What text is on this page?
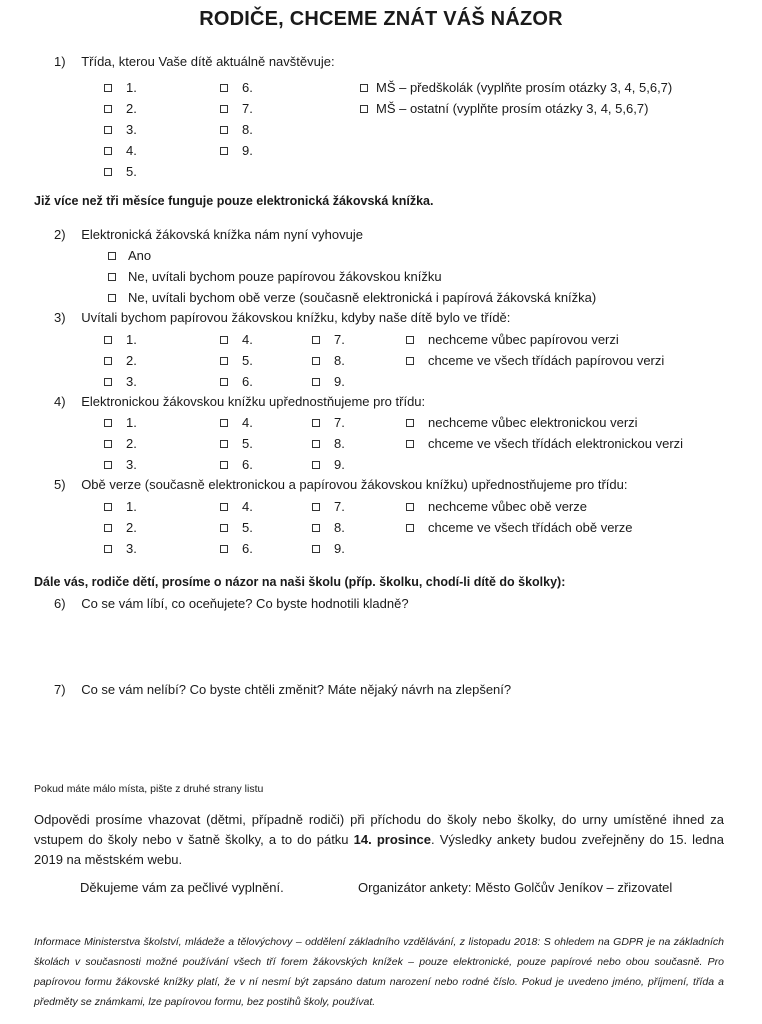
RODIČE, CHCEME ZNÁT VÁŠ NÁZOR
1) Třída, kterou Vaše dítě aktuálně navštěvuje:
1.
2.
3.
4.
5.
6.
7.
8.
9.
MŠ – předškolák (vyplňte prosím otázky 3, 4, 5,6,7)
MŠ – ostatní (vyplňte prosím otázky 3, 4, 5,6,7)
Již více než tři měsíce funguje pouze elektronická žákovská knížka.
2) Elektronická žákovská knížka nám nyní vyhovuje
Ano
Ne, uvítali bychom pouze papírovou žákovskou knížku
Ne, uvítali bychom obě verze (současně elektronická i papírová žákovská knížka)
3) Uvítali bychom papírovou žákovskou knížku, kdyby naše dítě bylo ve třídě:
1.
2.
3.
4.
5.
6.
7.
8.
9.
nechceme vůbec papírovou verzi
chceme ve všech třídách papírovou verzi
4) Elektronickou žákovskou knížku upřednostňujeme pro třídu:
1.
2.
3.
4.
5.
6.
7.
8.
9.
nechceme vůbec elektronickou verzi
chceme ve všech třídách elektronickou verzi
5) Obě verze (současně elektronickou a papírovou žákovskou knížku) upřednostňujeme pro třídu:
1.
2.
3.
4.
5.
6.
7.
8.
9.
nechceme vůbec obě verze
chceme ve všech třídách obě verze
Dále vás, rodiče dětí, prosíme o názor na naši školu (příp. školku, chodí-li dítě do školky):
6) Co se vám líbí, co oceňujete? Co byste hodnotili kladně?
7) Co se vám nelíbí? Co byste chtěli změnit? Máte nějaký návrh na zlepšení?
Pokud máte málo místa, pište z druhé strany listu
Odpovědi prosíme vhazovat (dětmi, případně rodiči) při příchodu do školy nebo školky, do urny umístěné ihned za vstupem do školy nebo v šatně školky, a to do pátku 14. prosince. Výsledky ankety budou zveřejněny do 15. ledna 2019 na městském webu.
Děkujeme vám za pečlivé vyplnění.	Organizátor ankety: Město Golčův Jeníkov – zřizovatel
Informace Ministerstva školství, mládeže a tělovýchovy – oddělení základního vzdělávání, z listopadu 2018: S ohledem na GDPR je na základních školách v současnosti možné používání všech tří forem žákovských knížek – pouze elektronické, pouze papírové nebo obou současně. Pro papírovou formu žákovské knížky platí, že v ní nesmí být zapsáno datum narození nebo rodné číslo. Pokud je uvedeno jméno, příjmení, třída a předměty se známkami, lze papírovou formu, bez postihů školy, používat.
